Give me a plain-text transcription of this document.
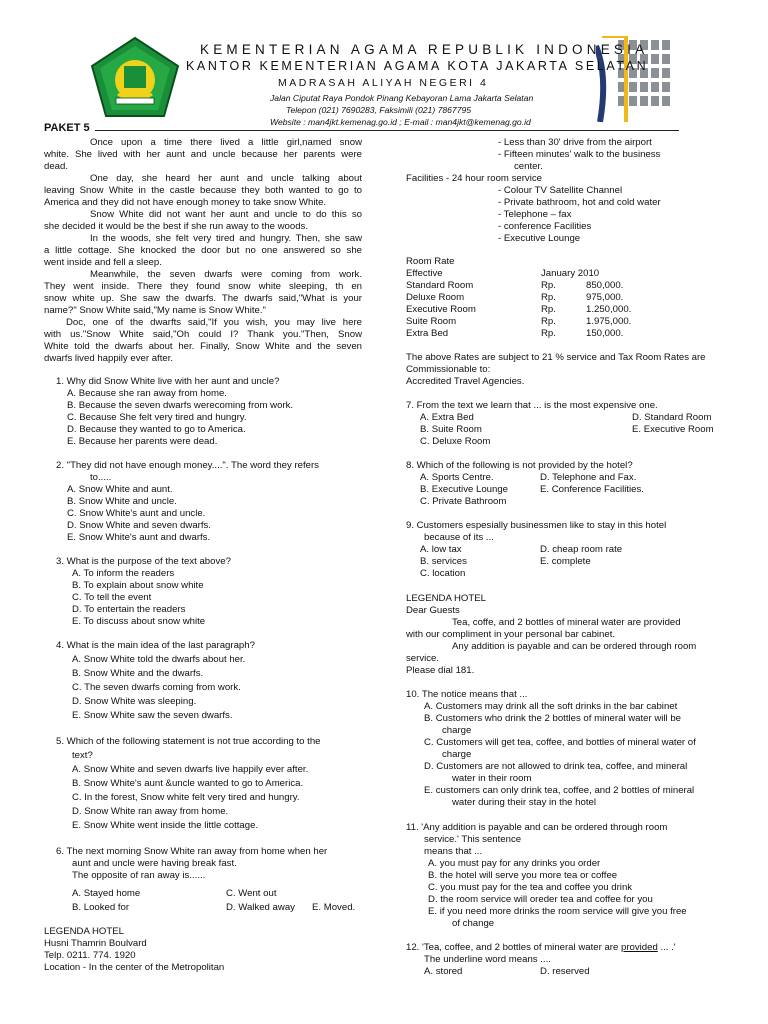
KEMENTERIAN AGAMA REPUBLIK INDONESIA
KANTOR KEMENTERIAN AGAMA KOTA JAKARTA SELATAN
MADRASAH ALIYAH NEGERI 4
Jalan Ciputat Raya Pondok Pinang Kebayoran Lama Jakarta Selatan
Telepon (021) 7690283, Faksimili (021) 7867795
Website : man4jkt.kemenag.go.id ; E-mail : man4jkt@kemenag.go.id
PAKET 5
Once upon a time there lived a little girl,named snow
white. She lived with her aunt and uncle because her parents were
dead.
One day, she heard her aunt and uncle talking about
leaving Snow White in the castle because they both wanted to go to
America and they did not have enough money to take snow White.
Snow White did not want her aunt and uncle to do this so
she decided it would be the best if she run away to the woods.
In the woods, she felt very tired and hungry. Then, she saw
a little cottage. She knocked the door but no one answered so she
went inside and fell a sleep.
Meanwhile, the seven dwarfs were coming from work.
They went inside. There they found snow white sleeping, th en
snow white up. She saw the dwarfs. The dwarfs said,"What is your
name?" Snow White said,"My name is Snow White."
Doc, one of the dwarfts said,"If you wish, you may live here
with us."Snow White said,"Oh could I? Thank you."Then, Snow
White told the dwarfs about her. Finally, Snow White and the seven
dwarfs lived happily ever after.
1. Why did Snow White live with her aunt and uncle?
A. Because she ran away from home.
B. Because the seven dwarfs werecoming from work.
C. Because She felt very tired and hungry.
D. Because they wanted to go to America.
E. Because her parents were dead.
2. "They did not have enough money....". The word they refers
to.....
A. Snow White and aunt.
B. Snow White and uncle.
C. Snow White's aunt and uncle.
D. Snow White and seven dwarfs.
E. Snow White's aunt and dwarfs.
3. What is the purpose of the text above?
A. To inform the readers
B. To explain about snow white
C. To tell the event
D. To entertain the readers
E. To discuss about snow white
4. What is the main idea of the last paragraph?
A. Snow White told the dwarfs about her.
B. Snow White and the dwarfs.
C. The seven dwarfs coming from work.
D. Snow White was sleeping.
E. Snow White saw the seven dwarfs.
5. Which of the following statement is not true according to the
text?
A. Snow White and seven dwarfs live happily ever after.
B. Snow White's aunt &uncle wanted to go to America.
C. In the forest, Snow white felt very tired and hungry.
D. Snow White ran away from home.
E. Snow White went inside the little cottage.
6. The next morning Snow White ran away from home when her
aunt and uncle were having break fast.
The opposite of ran away is......
A. Stayed home	C. Went out
B. Looked for	D. Walked away E. Moved.
LEGENDA HOTEL
Husni Thamrin Boulvard
Telp. 0211. 774. 1920
Location - In the center of the Metropolitan
- Less than 30' drive from the airport
- Fifteen minutes' walk to the business
center.
Facilities - 24 hour room service
- Colour TV Satellite Channel
- Private bathroom, hot and cold water
- Telephone – fax
- conference Facilities
- Executive Lounge
Room Rate
Effective	January 2010
Standard Room	Rp.	850,000.
Deluxe Room	Rp.	975,000.
Executive Room	Rp.	1.250,000.
Suite Room	Rp.	1.975,000.
Extra Bed	Rp.	150,000.
The above Rates are subject to 21 % service and Tax Room Rates are
Commissionable to:
Accredited Travel Agencies.
7. From the text we learn that ... is the most expensive one.
A. Extra Bed	D. Standard Room
B. Suite Room	E. Executive Room
C. Deluxe Room
8. Which of the following is not provided by the hotel?
A. Sports Centre.	D. Telephone and Fax.
B. Executive Lounge	E. Conference Facilities.
C. Private Bathroom
9. Customers espesially businessmen like to stay in this hotel
because of its ...
A. low tax	D. cheap room rate
B. services	E. complete
C. location
LEGENDA HOTEL
Dear Guests
Tea, coffe, and 2 bottles of mineral water are provided
with our compliment in your personal bar cabinet.
Any addition is payable and can be ordered through room
service.
Please dial 181.
10. The notice means that ...
A. Customers may drink all the soft drinks in the bar cabinet
B. Customers who drink the 2 bottles of mineral water will be
charge
C. Customers will get tea, coffee, and bottles of mineral water of
charge
D. Customers are not allowed to drink tea, coffee, and mineral
water in their room
E. customers can only drink tea, coffee, and 2 bottles of mineral
water during their stay in the hotel
11. 'Any addition is payable and can be ordered through room
service.' This sentence
means that ...
A. you must pay for any drinks you order
B. the hotel will serve you more tea or coffee
C. you must pay for the tea and coffee you drink
D. the room service will oreder tea and coffee for you
E. if you need more drinks the room service will give you free
of change
12. 'Tea, coffee, and 2 bottles of mineral water are provided ... .'
The underline word means ....
A. stored	D. reserved
